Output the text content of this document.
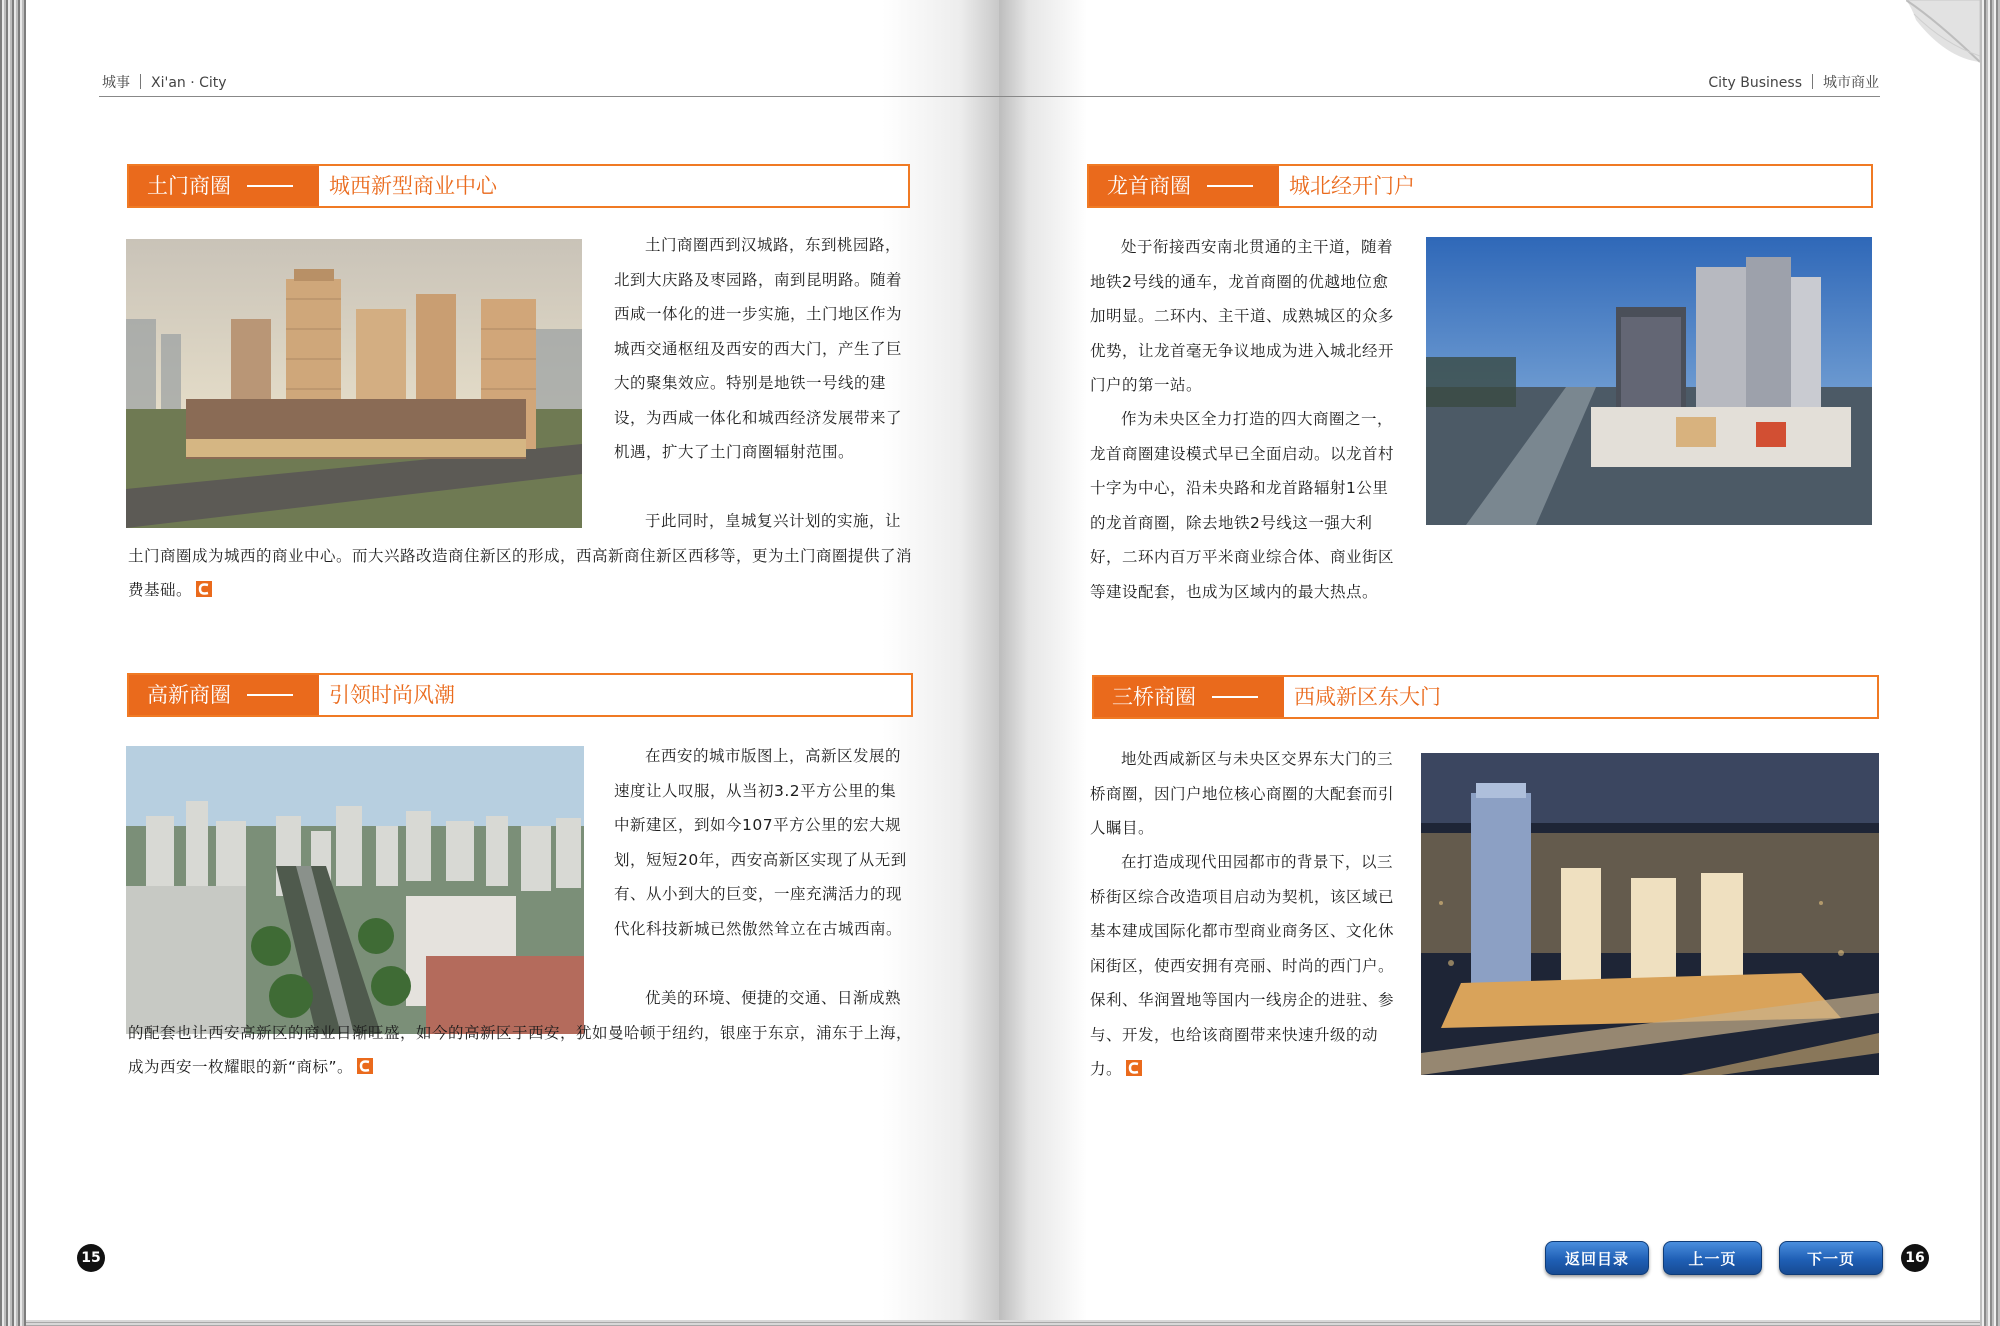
城事 Xi'an · City	City Business 城市商业
土门商圈	城西新型商业中心

土门商圈西到汉城路，东到桃园路，北到大庆路及枣园路，南到昆明路。随着西咸一体化的进一步实施，土门地区作为城西交通枢纽及西安的西大门，产生了巨大的聚集效应。特别是地铁一号线的建设，为西咸一体化和城西经济发展带来了机遇，扩大了土门商圈辐射范围。

于此同时，皇城复兴计划的实施，让土门商圈成为城西的商业中心。而大兴路改造商住新区的形成，西高新商住新区西移等，更为土门商圈提供了消费基础。

高新商圈	引领时尚风潮

在西安的城市版图上，高新区发展的速度让人叹服，从当初3.2平方公里的集中新建区，到如今107平方公里的宏大规划，短短20年，西安高新区实现了从无到有、从小到大的巨变，一座充满活力的现代化科技新城已然傲然耸立在古城西南。

优美的环境、便捷的交通、日渐成熟的配套也让西安高新区的商业日渐旺盛，如今的高新区于西安，犹如曼哈顿于纽约，银座于东京，浦东于上海，成为西安一枚耀眼的新“商标”。

龙首商圈	城北经开门户

处于衔接西安南北贯通的主干道，随着地铁2号线的通车，龙首商圈的优越地位愈加明显。二环内、主干道、成熟城区的众多优势，让龙首毫无争议地成为进入城北经开门户的第一站。

作为未央区全力打造的四大商圈之一，龙首商圈建设模式早已全面启动。以龙首村十字为中心，沿未央路和龙首路辐射1公里的龙首商圈，除去地铁2号线这一强大利好，二环内百万平米商业综合体、商业街区等建设配套，也成为区域内的最大热点。

三桥商圈	西咸新区东大门

地处西咸新区与未央区交界东大门的三桥商圈，因门户地位核心商圈的大配套而引人瞩目。

在打造成现代田园都市的背景下，以三桥街区综合改造项目启动为契机，该区域已基本建成国际化都市型商业商务区、文化休闲街区，使西安拥有亮丽、时尚的西门户。保利、华润置地等国内一线房企的进驻、参与、开发，也给该商圈带来快速升级的动力。

15	返回目录	上一页	下一页	16
